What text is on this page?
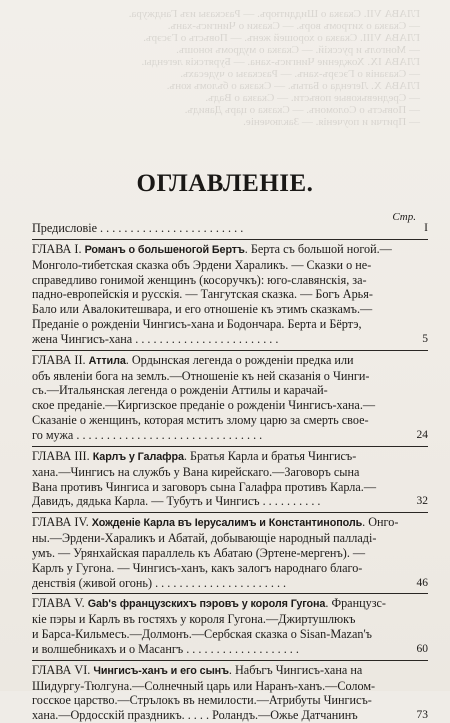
ГЛАВА VII. Сказка о Шиддитюръ. — Разсказы изъ Ганджура.
— Сказка о хитромъ воръ. — Сказки о Чингисъ-ханъ.
ГЛАВА VIII. Сказка о хорошей женъ. — Повъсть о Гэсэръ.
— Монголъ и русскій. — Сказка о мудромъ юношъ.
ГЛАВА IX. Хождение Чингисъ-хана. — Бурятскія легенды.
— Сказанія о Гэсэръ-ханъ. — Разсказы о чудесахъ.
ГЛАВА X. Легенда о Батыъ. — Сказка о бъломъ конъ.
— Средневъковые повъсти. — Сказка о Вадъ.
— Повъсть о Соломонъ. — Сказка о царъ Давидъ.
— Притчи и поученія. — Заключеніе.
ОГЛАВЛЕНІЕ.
Стр.
Предисловіе . . . . . . . . . . . . . . . . . . . . . . . .	I
ГЛАВА I. Романъ о большеногой Бертъ. Берта съ большой ногой.—
Монголо-тибетская сказка объ Эрдени Хараликъ. — Сказки о не-
справедливо гонимой женщинъ (косоручкъ): юго-славянскія, за-
падно-европейскія и русскія. — Тангутская сказка. — Богъ Арья-
Бало или Авалокитешвара, и его отношеніе къ этимъ сказкамъ.—
Преданіе о рожденіи Чингисъ-хана и Бодончара. Берта и Бёртэ,
жена Чингисъ-хана . . . . . . . . . . . . . . . . . . . . . . . .	5
ГЛАВА II. Аттила. Ордынская легенда о рожденіи предка или
объ явленіи бога на землъ.—Отношеніе къ ней сказанія о Чинги-
съ.—Итальянская легенда о рожденіи Аттилы и карачай-
ское преданіе.—Киргизское преданіе о рожденіи Чингисъ-хана.—
Сказаніе о женщинъ, которая мститъ злому царю за смерть свое-
го мужа . . . . . . . . . . . . . . . . . . . . . . . . . . . . . . .	24
ГЛАВА III. Карлъ у Галафра. Братья Карла и братья Чингисъ-
хана.—Чингисъ на службъ у Вана кирейскаго.—Заговоръ сына
Вана противъ Чингиса и заговоръ сына Галафра противъ Карла.—
Давидъ, дядька Карла. — Тубутъ и Чингисъ . . . . . . . . . .	32
ГЛАВА IV. Хожденіе Карла въ Іерусалимъ и Константинополь. Онго-
ны.—Эрдени-Хараликъ и Абатай, добывающіе народный палладі-
умъ. — Урянхайская параллель къ Абатаю (Эртене-мергенъ). —
Карлъ у Гугона. — Чингисъ-ханъ, какъ залогъ народнаго благо-
денствія (живой огонь) . . . . . . . . . . . . . . . . . . . . . .	46
ГЛАВА V. Gab's французскихъ пэровъ у короля Гугона. Французс-
кіе пэры и Карлъ въ гостяхъ у короля Гугона.—Джиртушлюкъ
и Барса-Кильмесъ.—Долмонъ.—Сербская сказка о Sisan-Mazan'ъ
и волшебникахъ и о Масангъ . . . . . . . . . . . . . . . . . . .	60
ГЛАВА VI. Чингисъ-ханъ и его сынъ. Набъгъ Чингисъ-хана на
Шидургу-Тюлгуна.—Солнечный царь или Наранъ-ханъ.—Солом-
госское царство.—Стрълокъ въ немилости.—Атрибуты Чингисъ-
хана.—Ордосскій праздникъ. . . . . Роландъ.—Ожье Датчанинъ	73
